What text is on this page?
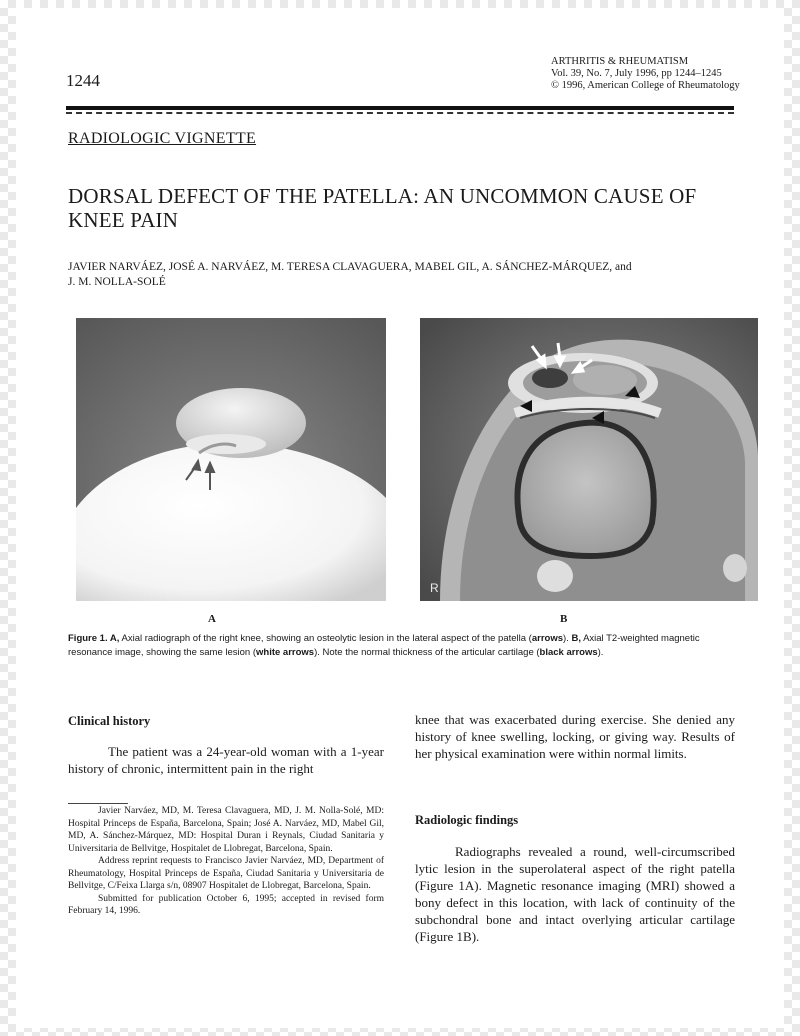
1244
ARTHRITIS & RHEUMATISM
Vol. 39, No. 7, July 1996, pp 1244–1245
© 1996, American College of Rheumatology
RADIOLOGIC VIGNETTE
DORSAL DEFECT OF THE PATELLA: AN UNCOMMON CAUSE OF
KNEE PAIN
JAVIER NARVÁEZ, JOSÉ A. NARVÁEZ, M. TERESA CLAVAGUERA, MABEL GIL, A. SÁNCHEZ-MÁRQUEZ, and
J. M. NOLLA-SOLÉ
R
A	B
Figure 1. A, Axial radiograph of the right knee, showing an osteolytic lesion in the lateral aspect of the patella (arrows). B, Axial T2-weighted magnetic resonance image, showing the same lesion (white arrows). Note the normal thickness of the articular cartilage (black arrows).
Clinical history
The patient was a 24-year-old woman with a 1-year history of chronic, intermittent pain in the right

Javier Narváez, MD, M. Teresa Clavaguera, MD, J. M. Nolla-Solé, MD: Hospital Princeps de España, Barcelona, Spain; José A. Narváez, MD, Mabel Gil, MD, A. Sánchez-Márquez, MD: Hospital Duran i Reynals, Ciudad Sanitaria y Universitaria de Bellvitge, Hospitalet de Llobregat, Barcelona, Spain.

Address reprint requests to Francisco Javier Narváez, MD, Department of Rheumatology, Hospital Princeps de España, Ciudad Sanitaria y Universitaria de Bellvitge, C/Feixa Llarga s/n, 08907 Hospitalet de Llobregat, Barcelona, Spain.

Submitted for publication October 6, 1995; accepted in revised form February 14, 1996.

knee that was exacerbated during exercise. She denied any history of knee swelling, locking, or giving way. Results of her physical examination were within normal limits.
Radiologic findings
Radiographs revealed a round, well-circumscribed lytic lesion in the superolateral aspect of the right patella (Figure 1A). Magnetic resonance imaging (MRI) showed a bony defect in this location, with lack of continuity of the subchondral bone and intact overlying articular cartilage (Figure 1B).
